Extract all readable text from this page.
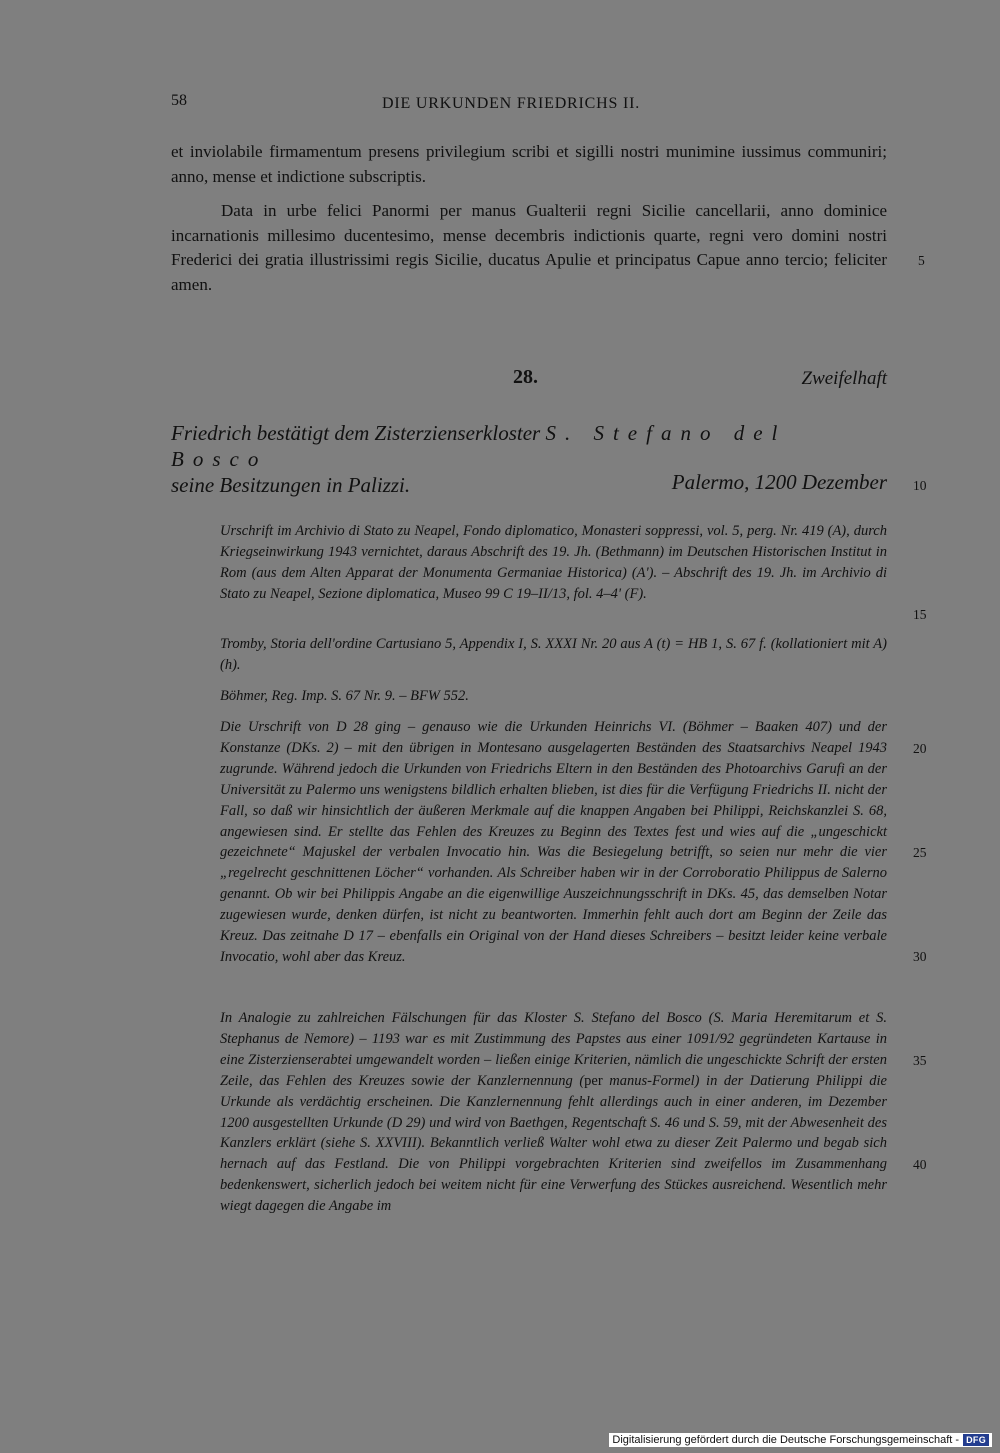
58	DIE URKUNDEN FRIEDRICHS II.

et inviolabile firmamentum presens privilegium scribi et sigilli nostri munimine iussimus communiri; anno, mense et indictione subscriptis.

Data in urbe felici Panormi per manus Gualterii regni Sicilie cancellarii, anno dominice incarnationis millesimo ducentesimo, mense decembris indictionis quarte, regni vero domini nostri Frederici dei gratia illustrissimi regis Sicilie, ducatus Apulie et principatus Capue anno tercio; feliciter amen.

28.	Zweifelhaft
Friedrich bestätigt dem Zisterzienserkloster S. Stefano del Bosco
seine Besitzungen in Palizzi.	Palermo, 1200 Dezember

Urschrift im Archivio di Stato zu Neapel, Fondo diplomatico, Monasteri soppressi, vol. 5, perg. Nr. 419 (A), durch Kriegseinwirkung 1943 vernichtet, daraus Abschrift des 19. Jh. (Bethmann) im Deutschen Historischen Institut in Rom (aus dem Alten Apparat der Monumenta Germaniae Historica) (A'). – Abschrift des 19. Jh. im Archivio di Stato zu Neapel, Sezione diplomatica, Museo 99 C 19–II/13, fol. 4–4' (F).

Tromby, Storia dell'ordine Cartusiano 5, Appendix I, S. XXXI Nr. 20 aus A (t) = HB 1, S. 67 f. (kollationiert mit A) (h).

Böhmer, Reg. Imp. S. 67 Nr. 9. – BFW 552.

Die Urschrift von D 28 ging – genauso wie die Urkunden Heinrichs VI. (Böhmer – Baaken 407) und der Konstanze (DKs. 2) – mit den übrigen in Montesano ausgelagerten Beständen des Staatsarchivs Neapel 1943 zugrunde. Während jedoch die Urkunden von Friedrichs Eltern in den Beständen des Photoarchivs Garufi an der Universität zu Palermo uns wenigstens bildlich erhalten blieben, ist dies für die Verfügung Friedrichs II. nicht der Fall, so daß wir hinsichtlich der äußeren Merkmale auf die knappen Angaben bei Philippi, Reichskanzlei S. 68, angewiesen sind. Er stellte das Fehlen des Kreuzes zu Beginn des Textes fest und wies auf die „ungeschickt gezeichnete“ Majuskel der verbalen Invocatio hin. Was die Besiegelung betrifft, so seien nur mehr die vier „regelrecht geschnittenen Löcher“ vorhanden. Als Schreiber haben wir in der Corroboratio Philippus de Salerno genannt. Ob wir bei Philippis Angabe an die eigenwillige Auszeichnungsschrift in DKs. 45, das demselben Notar zugewiesen wurde, denken dürfen, ist nicht zu beantworten. Immerhin fehlt auch dort am Beginn der Zeile das Kreuz. Das zeitnahe D 17 – ebenfalls ein Original von der Hand dieses Schreibers – besitzt leider keine verbale Invocatio, wohl aber das Kreuz.

In Analogie zu zahlreichen Fälschungen für das Kloster S. Stefano del Bosco (S. Maria Heremitarum et S. Stephanus de Nemore) – 1193 war es mit Zustimmung des Papstes aus einer 1091/92 gegründeten Kartause in eine Zisterzienserabtei umgewandelt worden – ließen einige Kriterien, nämlich die ungeschickte Schrift der ersten Zeile, das Fehlen des Kreuzes sowie der Kanzlernennung (per manus-Formel) in der Datierung Philippi die Urkunde als verdächtig erscheinen. Die Kanzlernennung fehlt allerdings auch in einer anderen, im Dezember 1200 ausgestellten Urkunde (D 29) und wird von Baethgen, Regentschaft S. 46 und S. 59, mit der Abwesenheit des Kanzlers erklärt (siehe S. XXVIII). Bekanntlich verließ Walter wohl etwa zu dieser Zeit Palermo und begab sich hernach auf das Festland. Die von Philippi vorgebrachten Kriterien sind zweifellos im Zusammenhang bedenkenswert, sicherlich jedoch bei weitem nicht für eine Verwerfung des Stückes ausreichend. Wesentlich mehr wiegt dagegen die Angabe im

5
10
15
20
25
30
35
40
Digitalisierung gefördert durch die Deutsche Forschungsgemeinschaft - DFG
